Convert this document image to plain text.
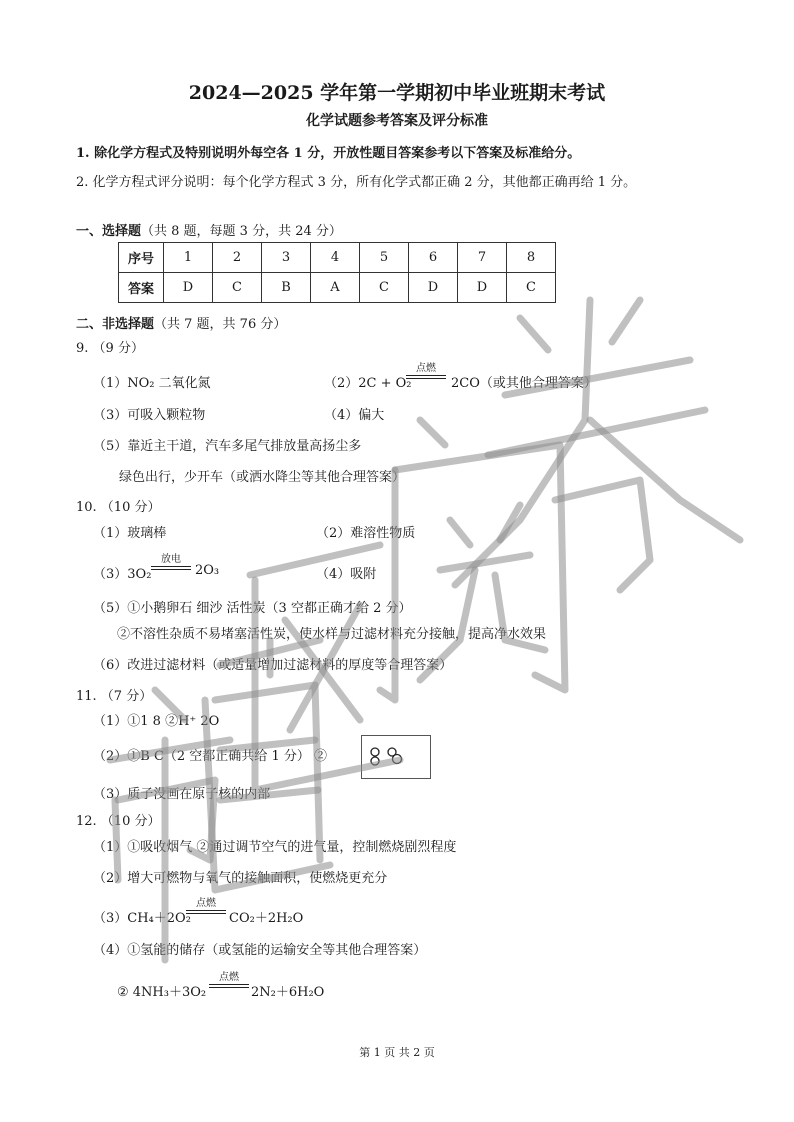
2024—2025 学年第一学期初中毕业班期末考试
化学试题参考答案及评分标准
1. 除化学方程式及特别说明外每空各 1 分，开放性题目答案参考以下答案及标准给分。
2. 化学方程式评分说明：每个化学方程式 3 分，所有化学式都正确 2 分，其他都正确再给 1 分。
一、选择题（共 8 题，每题 3 分，共 24 分）
序号	1	2	3	4	5	6	7	8
答案	D	C	B	A	C	D	D	C
二、非选择题（共 7 题，共 76 分）
9. （9 分）
（1）NO₂ 二氧化氮	（2）2C + O₂
点燃
2CO（或其他合理答案）
（3）可吸入颗粒物	（4）偏大
（5）靠近主干道，汽车多尾气排放量高扬尘多
绿色出行，少开车（或洒水降尘等其他合理答案）
10. （10 分）
（1）玻璃棒	（2）难溶性物质
（3）3O₂
放电
2O₃	（4）吸附
（5）①小鹅卵石 细沙 活性炭（3 空都正确才给 2 分）
②不溶性杂质不易堵塞活性炭，使水样与过滤材料充分接触，提高净水效果
（6）改进过滤材料（或适量增加过滤材料的厚度等合理答案）
11. （7 分）
（1）①1 8 ②H⁺ 2O
（2）①B C（2 空都正确共给 1 分） ②
（3）质子没画在原子核的内部
12. （10 分）
（1）①吸收烟气 ②通过调节空气的进气量，控制燃烧剧烈程度
（2）增大可燃物与氧气的接触面积，使燃烧更充分
（3）CH₄＋2O₂
点燃
CO₂＋2H₂O
（4）①氢能的储存（或氢能的运输安全等其他合理答案）
② 4NH₃＋3O₂
点燃
2N₂＋6H₂O
第 1 页 共 2 页
